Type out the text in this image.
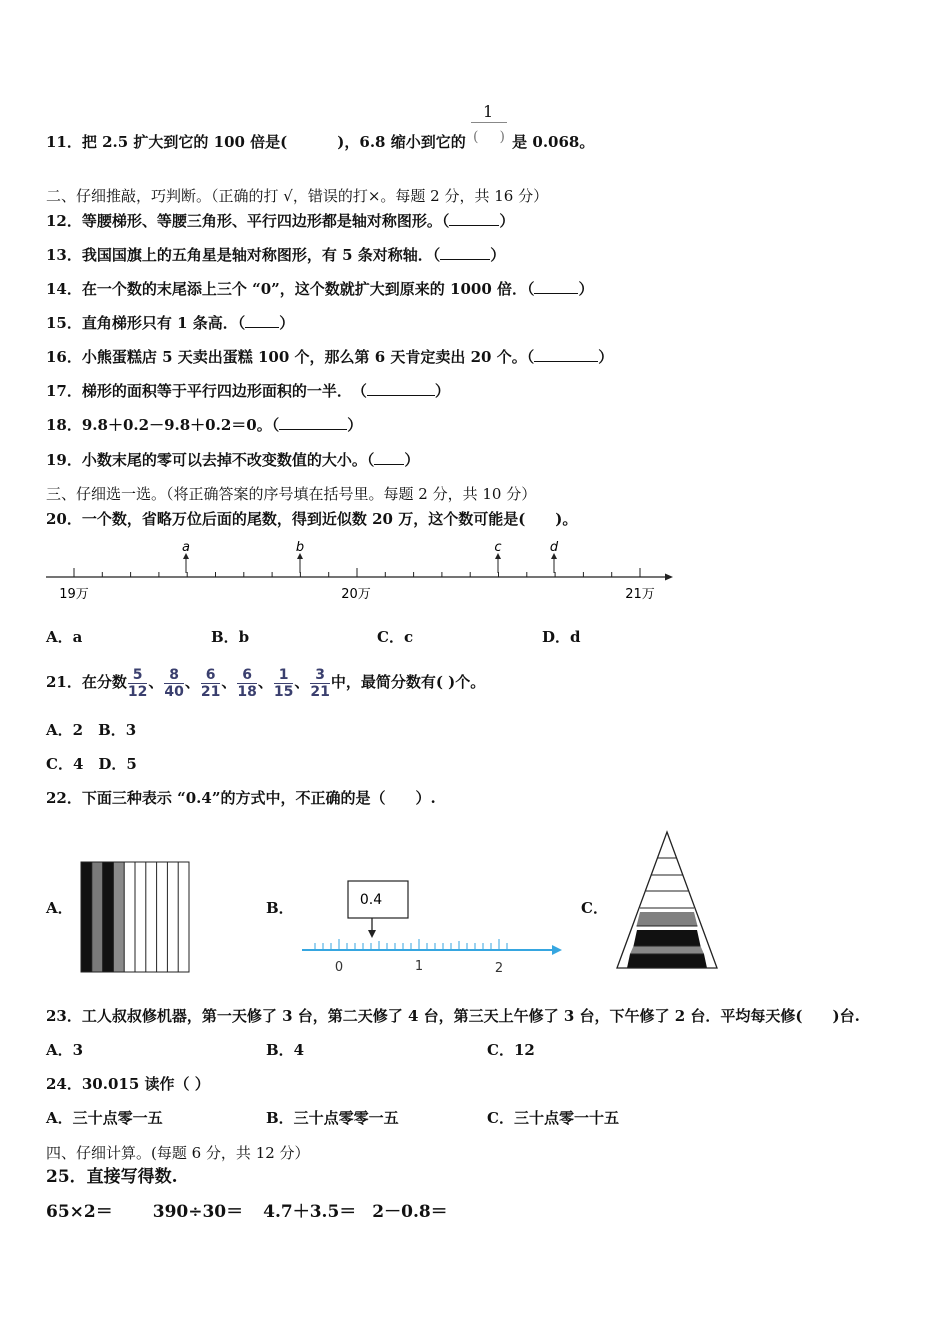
11．把 2.5 扩大到它的 100 倍是(	)，6.8 缩小到它的
1
( ) 是 0.068。
二、仔细推敲，巧判断。（正确的打 √，错误的打×。每题 2 分，共 16 分）
12．等腰梯形、等腰三角形、平行四边形都是轴对称图形。（	）
13．我国国旗上的五角星是轴对称图形，有 5 条对称轴．（	）
14．在一个数的末尾添上三个 “0”，这个数就扩大到原来的 1000 倍．（	）
15．直角梯形只有 1 条高．（ ）
16．小熊蛋糕店 5 天卖出蛋糕 100 个，那么第 6 天肯定卖出 20 个。（	）
17．梯形的面积等于平行四边形面积的一半．　（	）
18．9.8＋0.2－9.8＋0.2＝0。（	）
19．小数末尾的零可以去掉不改变数值的大小。（ ）
三、仔细选一选。（将正确答案的序号填在括号里。每题 2 分，共 10 分）
20．一个数，省略万位后面的尾数，得到近似数 20 万，这个数可能是(　　)。
a	b	c	d
19万	20万	21万
A．a	B．b	C．c	D．d
21．在分数 $\frac{5}{12}$ 、 $\frac{8}{40}$ 、 $\frac{6}{21}$ 、 $\frac{6}{18}$ 、 $\frac{1}{15}$ 、 $\frac{3}{21}$ 中，最简分数有( )个。
A．2　B．3
C．4　D．5
22．下面三种表示 “0.4”的方式中，不正确的是（　　）.
A．	B．	0.4
0	1	2
C．
23．工人叔叔修机器，第一天修了 3 台，第二天修了 4 台，第三天上午修了 3 台，下午修了 2 台．平均每天修(　　)台.
A．3	B．4	C．12
24．30.015 读作（ ）
A．三十点零一五	B．三十点零零一五	C．三十点零一十五
四、仔细计算。(每题 6 分，共 12 分）
25．直接写得数.
65×2＝ 390÷30＝ 4.7＋3.5＝ 2－0.8＝
